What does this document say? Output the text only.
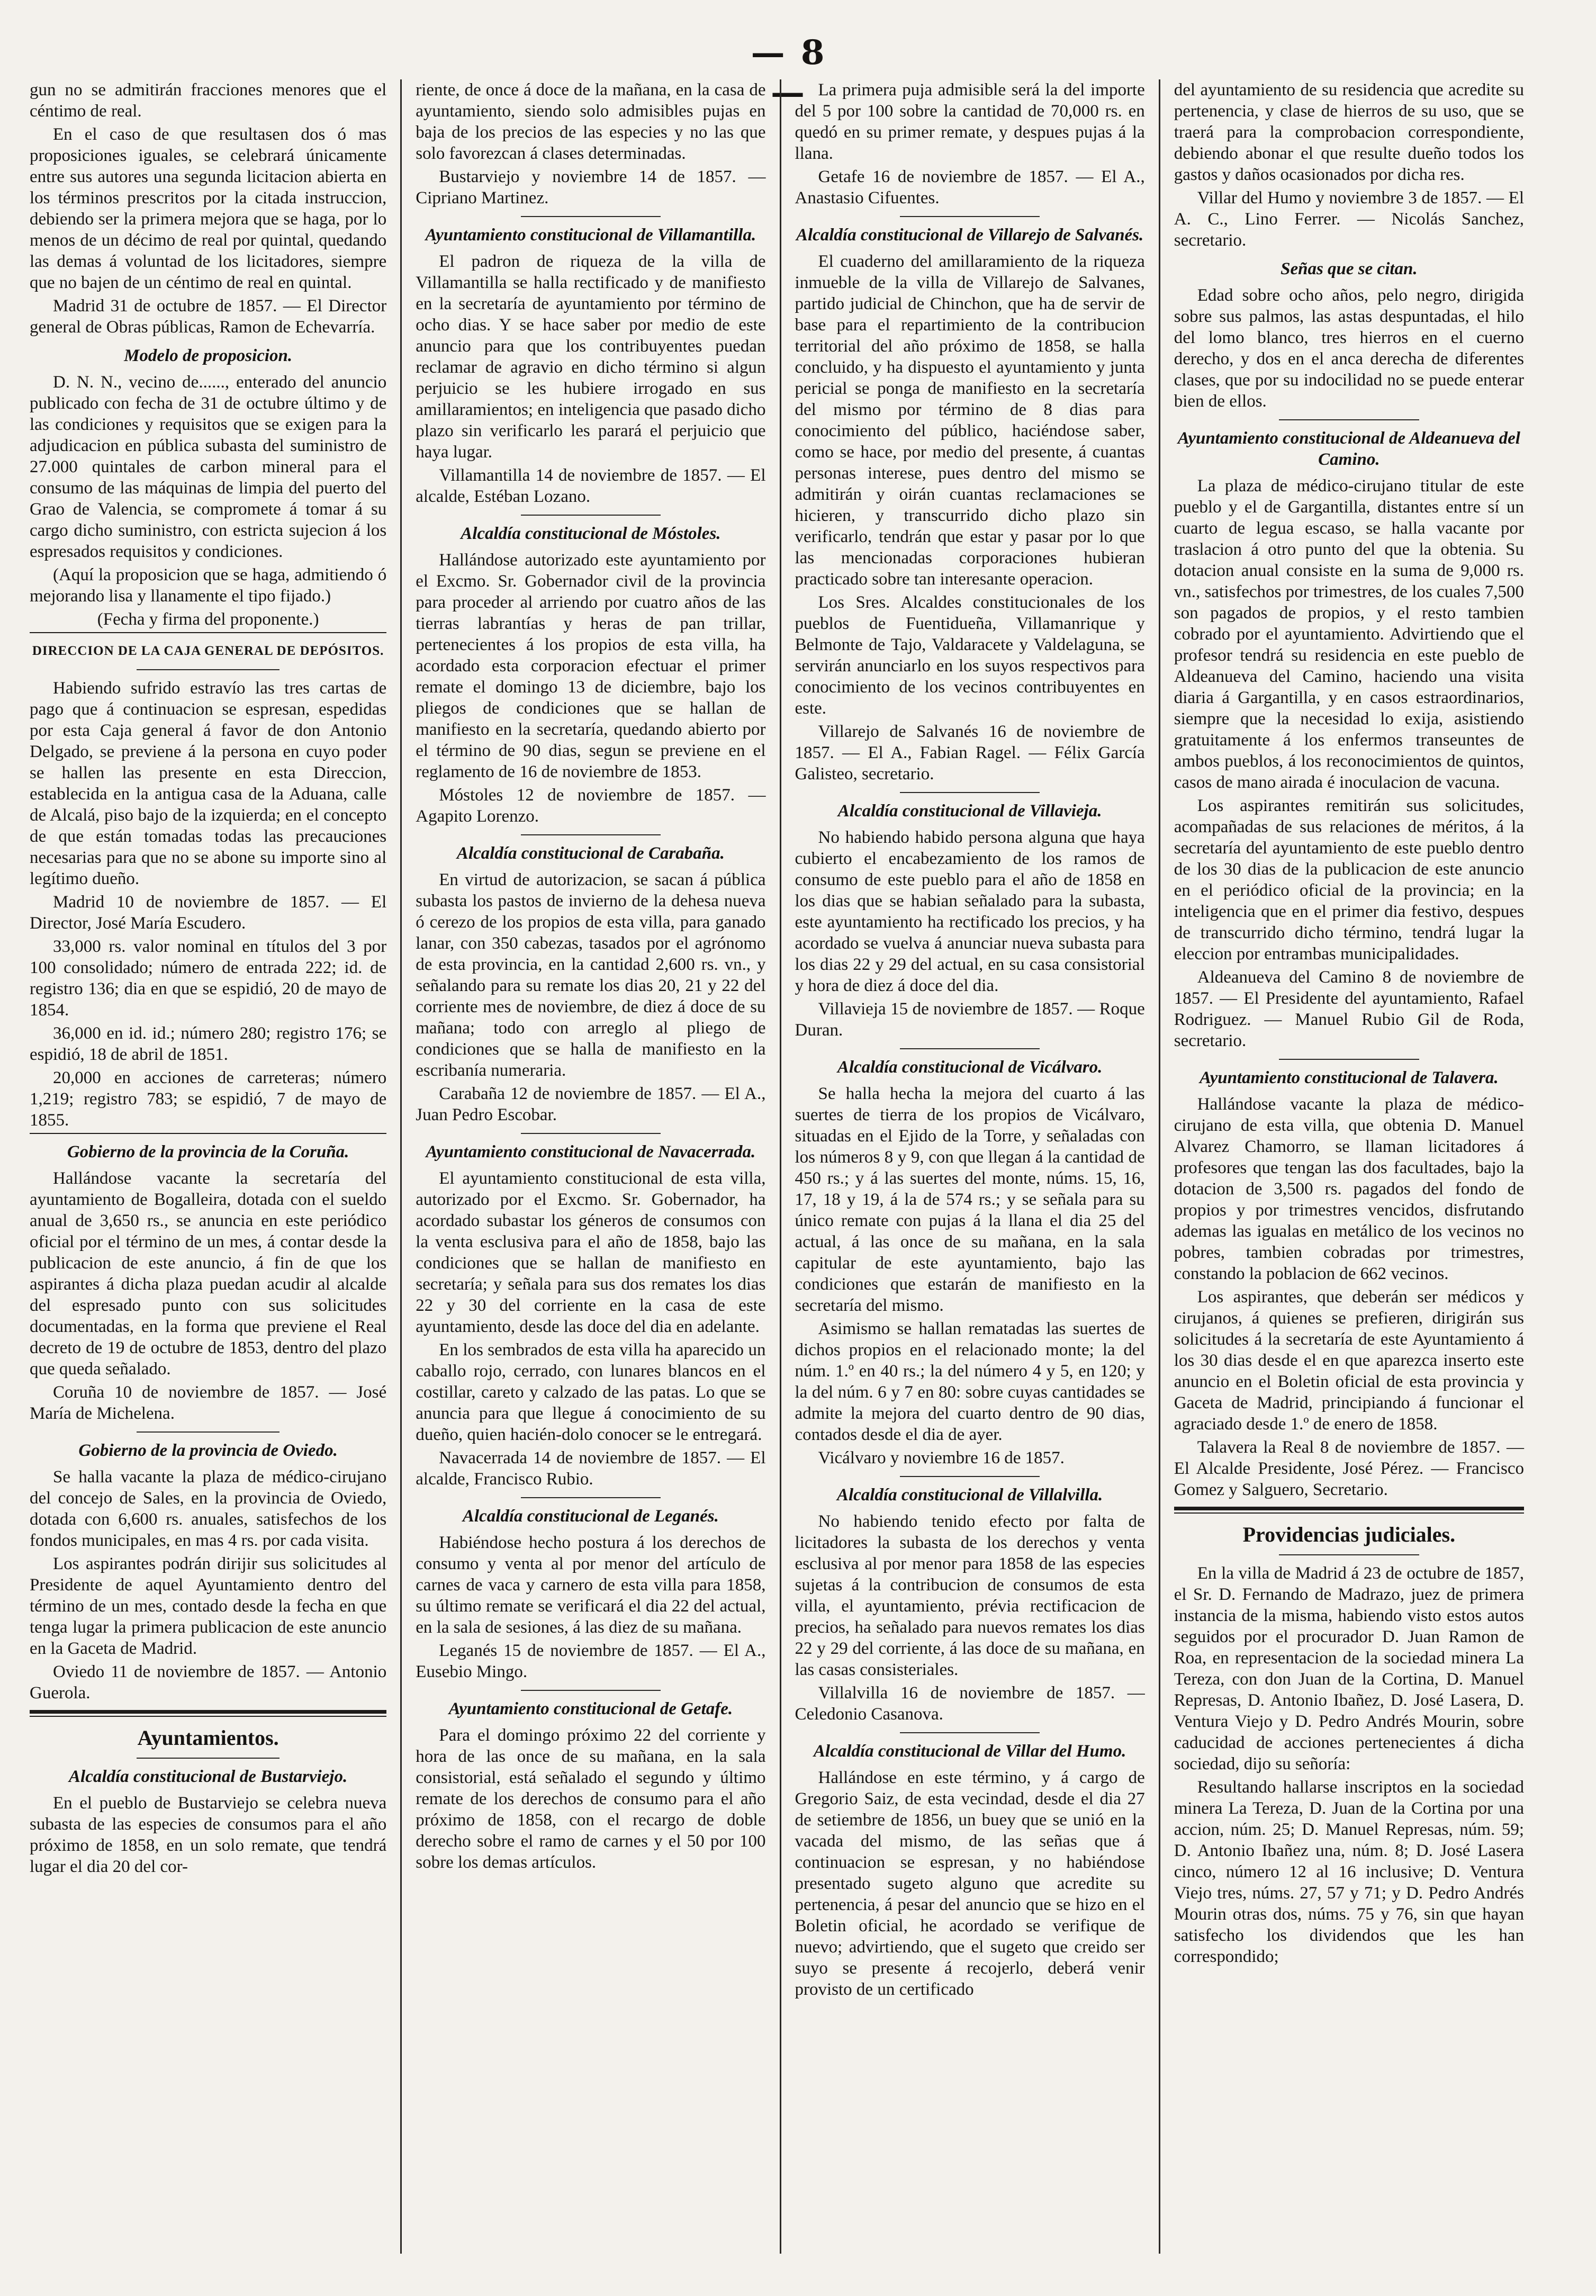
— 8 —

gun no se admitirán fracciones menores que el céntimo de real.

En el caso de que resultasen dos ó mas proposiciones iguales, se celebrará únicamente entre sus autores una segunda licitacion abierta en los términos prescritos por la citada instruccion, debiendo ser la primera mejora que se haga, por lo menos de un décimo de real por quintal, quedando las demas á voluntad de los licitadores, siempre que no bajen de un céntimo de real en quintal.

Madrid 31 de octubre de 1857. — El Director general de Obras públicas, Ramon de Echevarría.

Modelo de proposicion.

D. N. N., vecino de......, enterado del anuncio publicado con fecha de 31 de octubre último y de las condiciones y requisitos que se exigen para la adjudicacion en pública subasta del suministro de 27.000 quintales de carbon mineral para el consumo de las máquinas de limpia del puerto del Grao de Valencia, se compromete á tomar á su cargo dicho suministro, con estricta sujecion á los espresados requisitos y condiciones.

(Aquí la proposicion que se haga, admitiendo ó mejorando lisa y llanamente el tipo fijado.)

(Fecha y firma del proponente.)

DIRECCION DE LA CAJA GENERAL DE DEPÓSITOS.

Habiendo sufrido estravío las tres cartas de pago que á continuacion se espresan, espedidas por esta Caja general á favor de don Antonio Delgado, se previene á la persona en cuyo poder se hallen las presente en esta Direccion, establecida en la antigua casa de la Aduana, calle de Alcalá, piso bajo de la izquierda; en el concepto de que están tomadas todas las precauciones necesarias para que no se abone su importe sino al legítimo dueño.

Madrid 10 de noviembre de 1857. — El Director, José María Escudero.

33,000 rs. valor nominal en títulos del 3 por 100 consolidado; número de entrada 222; id. de registro 136; dia en que se espidió, 20 de mayo de 1854.

36,000 en id. id.; número 280; registro 176; se espidió, 18 de abril de 1851.

20,000 en acciones de carreteras; número 1,219; registro 783; se espidió, 7 de mayo de 1855.

Gobierno de la provincia de la Coruña.

Hallándose vacante la secretaría del ayuntamiento de Bogalleira, dotada con el sueldo anual de 3,650 rs., se anuncia en este periódico oficial por el término de un mes, á contar desde la publicacion de este anuncio, á fin de que los aspirantes á dicha plaza puedan acudir al alcalde del espresado punto con sus solicitudes documentadas, en la forma que previene el Real decreto de 19 de octubre de 1853, dentro del plazo que queda señalado.

Coruña 10 de noviembre de 1857. — José María de Michelena.

Gobierno de la provincia de Oviedo.

Se halla vacante la plaza de médico-cirujano del concejo de Sales, en la provincia de Oviedo, dotada con 6,600 rs. anuales, satisfechos de los fondos municipales, en mas 4 rs. por cada visita.

Los aspirantes podrán dirijir sus solicitudes al Presidente de aquel Ayuntamiento dentro del término de un mes, contado desde la fecha en que tenga lugar la primera publicacion de este anuncio en la Gaceta de Madrid.

Oviedo 11 de noviembre de 1857. — Antonio Guerola.

Ayuntamientos.
Alcaldía constitucional de Bustarviejo.

En el pueblo de Bustarviejo se celebra nueva subasta de las especies de consumos para el año próximo de 1858, en un solo remate, que tendrá lugar el dia 20 del cor-

riente, de once á doce de la mañana, en la casa de ayuntamiento, siendo solo admisibles pujas en baja de los precios de las especies y no las que solo favorezcan á clases determinadas.

Bustarviejo y noviembre 14 de 1857. — Cipriano Martinez.

Ayuntamiento constitucional de Villamantilla.

El padron de riqueza de la villa de Villamantilla se halla rectificado y de manifiesto en la secretaría de ayuntamiento por término de ocho dias. Y se hace saber por medio de este anuncio para que los contribuyentes puedan reclamar de agravio en dicho término si algun perjuicio se les hubiere irrogado en sus amillaramientos; en inteligencia que pasado dicho plazo sin verificarlo les parará el perjuicio que haya lugar.

Villamantilla 14 de noviembre de 1857. — El alcalde, Estéban Lozano.

Alcaldía constitucional de Móstoles.

Hallándose autorizado este ayuntamiento por el Excmo. Sr. Gobernador civil de la provincia para proceder al arriendo por cuatro años de las tierras labrantías y heras de pan trillar, pertenecientes á los propios de esta villa, ha acordado esta corporacion efectuar el primer remate el domingo 13 de diciembre, bajo los pliegos de condiciones que se hallan de manifiesto en la secretaría, quedando abierto por el término de 90 dias, segun se previene en el reglamento de 16 de noviembre de 1853.

Móstoles 12 de noviembre de 1857. — Agapito Lorenzo.

Alcaldía constitucional de Carabaña.

En virtud de autorizacion, se sacan á pública subasta los pastos de invierno de la dehesa nueva ó cerezo de los propios de esta villa, para ganado lanar, con 350 cabezas, tasados por el agrónomo de esta provincia, en la cantidad 2,600 rs. vn., y señalando para su remate los dias 20, 21 y 22 del corriente mes de noviembre, de diez á doce de su mañana; todo con arreglo al pliego de condiciones que se halla de manifiesto en la escribanía numeraria.

Carabaña 12 de noviembre de 1857. — El A., Juan Pedro Escobar.

Ayuntamiento constitucional de Navacerrada.

El ayuntamiento constitucional de esta villa, autorizado por el Excmo. Sr. Gobernador, ha acordado subastar los géneros de consumos con la venta esclusiva para el año de 1858, bajo las condiciones que se hallan de manifiesto en secretaría; y señala para sus dos remates los dias 22 y 30 del corriente en la casa de este ayuntamiento, desde las doce del dia en adelante.

En los sembrados de esta villa ha aparecido un caballo rojo, cerrado, con lunares blancos en el costillar, careto y calzado de las patas. Lo que se anuncia para que llegue á conocimiento de su dueño, quien hacién-dolo conocer se le entregará.

Navacerrada 14 de noviembre de 1857. — El alcalde, Francisco Rubio.

Alcaldía constitucional de Leganés.

Habiéndose hecho postura á los derechos de consumo y venta al por menor del artículo de carnes de vaca y carnero de esta villa para 1858, su último remate se verificará el dia 22 del actual, en la sala de sesiones, á las diez de su mañana.

Leganés 15 de noviembre de 1857. — El A., Eusebio Mingo.

Ayuntamiento constitucional de Getafe.

Para el domingo próximo 22 del corriente y hora de las once de su mañana, en la sala consistorial, está señalado el segundo y último remate de los derechos de consumo para el año próximo de 1858, con el recargo de doble derecho sobre el ramo de carnes y el 50 por 100 sobre los demas artículos.

La primera puja admisible será la del importe del 5 por 100 sobre la cantidad de 70,000 rs. en quedó en su primer remate, y despues pujas á la llana.

Getafe 16 de noviembre de 1857. — El A., Anastasio Cifuentes.

Alcaldía constitucional de Villarejo de Salvanés.

El cuaderno del amillaramiento de la riqueza inmueble de la villa de Villarejo de Salvanes, partido judicial de Chinchon, que ha de servir de base para el repartimiento de la contribucion territorial del año próximo de 1858, se halla concluido, y ha dispuesto el ayuntamiento y junta pericial se ponga de manifiesto en la secretaría del mismo por término de 8 dias para conocimiento del público, haciéndose saber, como se hace, por medio del presente, á cuantas personas interese, pues dentro del mismo se admitirán y oirán cuantas reclamaciones se hicieren, y transcurrido dicho plazo sin verificarlo, tendrán que estar y pasar por lo que las mencionadas corporaciones hubieran practicado sobre tan interesante operacion.

Los Sres. Alcaldes constitucionales de los pueblos de Fuentidueña, Villamanrique y Belmonte de Tajo, Valdaracete y Valdelaguna, se servirán anunciarlo en los suyos respectivos para conocimiento de los vecinos contribuyentes en este.

Villarejo de Salvanés 16 de noviembre de 1857. — El A., Fabian Ragel. — Félix García Galisteo, secretario.

Alcaldía constitucional de Villavieja.

No habiendo habido persona alguna que haya cubierto el encabezamiento de los ramos de consumo de este pueblo para el año de 1858 en los dias que se habian señalado para la subasta, este ayuntamiento ha rectificado los precios, y ha acordado se vuelva á anunciar nueva subasta para los dias 22 y 29 del actual, en su casa consistorial y hora de diez á doce del dia.

Villavieja 15 de noviembre de 1857. — Roque Duran.

Alcaldía constitucional de Vicálvaro.

Se halla hecha la mejora del cuarto á las suertes de tierra de los propios de Vicálvaro, situadas en el Ejido de la Torre, y señaladas con los números 8 y 9, con que llegan á la cantidad de 450 rs.; y á las suertes del monte, núms. 15, 16, 17, 18 y 19, á la de 574 rs.; y se señala para su único remate con pujas á la llana el dia 25 del actual, á las once de su mañana, en la sala capitular de este ayuntamiento, bajo las condiciones que estarán de manifiesto en la secretaría del mismo.

Asimismo se hallan rematadas las suertes de dichos propios en el relacionado monte; la del núm. 1.º en 40 rs.; la del número 4 y 5, en 120; y la del núm. 6 y 7 en 80: sobre cuyas cantidades se admite la mejora del cuarto dentro de 90 dias, contados desde el dia de ayer.

Vicálvaro y noviembre 16 de 1857.

Alcaldía constitucional de Villalvilla.

No habiendo tenido efecto por falta de licitadores la subasta de los derechos y venta esclusiva al por menor para 1858 de las especies sujetas á la contribucion de consumos de esta villa, el ayuntamiento, prévia rectificacion de precios, ha señalado para nuevos remates los dias 22 y 29 del corriente, á las doce de su mañana, en las casas consisteriales.

Villalvilla 16 de noviembre de 1857. — Celedonio Casanova.

Alcaldía constitucional de Villar del Humo.

Hallándose en este término, y á cargo de Gregorio Saiz, de esta vecindad, desde el dia 27 de setiembre de 1856, un buey que se unió en la vacada del mismo, de las señas que á continuacion se espresan, y no habiéndose presentado sugeto alguno que acredite su pertenencia, á pesar del anuncio que se hizo en el Boletin oficial, he acordado se verifique de nuevo; advirtiendo, que el sugeto que creido ser suyo se presente á recojerlo, deberá venir provisto de un certificado

del ayuntamiento de su residencia que acredite su pertenencia, y clase de hierros de su uso, que se traerá para la comprobacion correspondiente, debiendo abonar el que resulte dueño todos los gastos y daños ocasionados por dicha res.

Villar del Humo y noviembre 3 de 1857. — El A. C., Lino Ferrer. — Nicolás Sanchez, secretario.

Señas que se citan.

Edad sobre ocho años, pelo negro, dirigida sobre sus palmos, las astas despuntadas, el hilo del lomo blanco, tres hierros en el cuerno derecho, y dos en el anca derecha de diferentes clases, que por su indocilidad no se puede enterar bien de ellos.

Ayuntamiento constitucional de Aldeanueva del Camino.

La plaza de médico-cirujano titular de este pueblo y el de Gargantilla, distantes entre sí un cuarto de legua escaso, se halla vacante por traslacion á otro punto del que la obtenia. Su dotacion anual consiste en la suma de 9,000 rs. vn., satisfechos por trimestres, de los cuales 7,500 son pagados de propios, y el resto tambien cobrado por el ayuntamiento. Advirtiendo que el profesor tendrá su residencia en este pueblo de Aldeanueva del Camino, haciendo una visita diaria á Gargantilla, y en casos estraordinarios, siempre que la necesidad lo exija, asistiendo gratuitamente á los enfermos transeuntes de ambos pueblos, á los reconocimientos de quintos, casos de mano airada é inoculacion de vacuna.

Los aspirantes remitirán sus solicitudes, acompañadas de sus relaciones de méritos, á la secretaría del ayuntamiento de este pueblo dentro de los 30 dias de la publicacion de este anuncio en el periódico oficial de la provincia; en la inteligencia que en el primer dia festivo, despues de transcurrido dicho término, tendrá lugar la eleccion por entrambas municipalidades.

Aldeanueva del Camino 8 de noviembre de 1857. — El Presidente del ayuntamiento, Rafael Rodriguez. — Manuel Rubio Gil de Roda, secretario.

Ayuntamiento constitucional de Talavera.

Hallándose vacante la plaza de médico-cirujano de esta villa, que obtenia D. Manuel Alvarez Chamorro, se llaman licitadores á profesores que tengan las dos facultades, bajo la dotacion de 3,500 rs. pagados del fondo de propios y por trimestres vencidos, disfrutando ademas las igualas en metálico de los vecinos no pobres, tambien cobradas por trimestres, constando la poblacion de 662 vecinos.

Los aspirantes, que deberán ser médicos y cirujanos, á quienes se prefieren, dirigirán sus solicitudes á la secretaría de este Ayuntamiento á los 30 dias desde el en que aparezca inserto este anuncio en el Boletin oficial de esta provincia y Gaceta de Madrid, principiando á funcionar el agraciado desde 1.º de enero de 1858.

Talavera la Real 8 de noviembre de 1857. — El Alcalde Presidente, José Pérez. — Francisco Gomez y Salguero, Secretario.

Providencias judiciales.

En la villa de Madrid á 23 de octubre de 1857, el Sr. D. Fernando de Madrazo, juez de primera instancia de la misma, habiendo visto estos autos seguidos por el procurador D. Juan Ramon de Roa, en representacion de la sociedad minera La Tereza, con don Juan de la Cortina, D. Manuel Represas, D. Antonio Ibañez, D. José Lasera, D. Ventura Viejo y D. Pedro Andrés Mourin, sobre caducidad de acciones pertenecientes á dicha sociedad, dijo su señoría:

Resultando hallarse inscriptos en la sociedad minera La Tereza, D. Juan de la Cortina por una accion, núm. 25; D. Manuel Represas, núm. 59; D. Antonio Ibañez una, núm. 8; D. José Lasera cinco, número 12 al 16 inclusive; D. Ventura Viejo tres, núms. 27, 57 y 71; y D. Pedro Andrés Mourin otras dos, núms. 75 y 76, sin que hayan satisfecho los dividendos que les han correspondido;
